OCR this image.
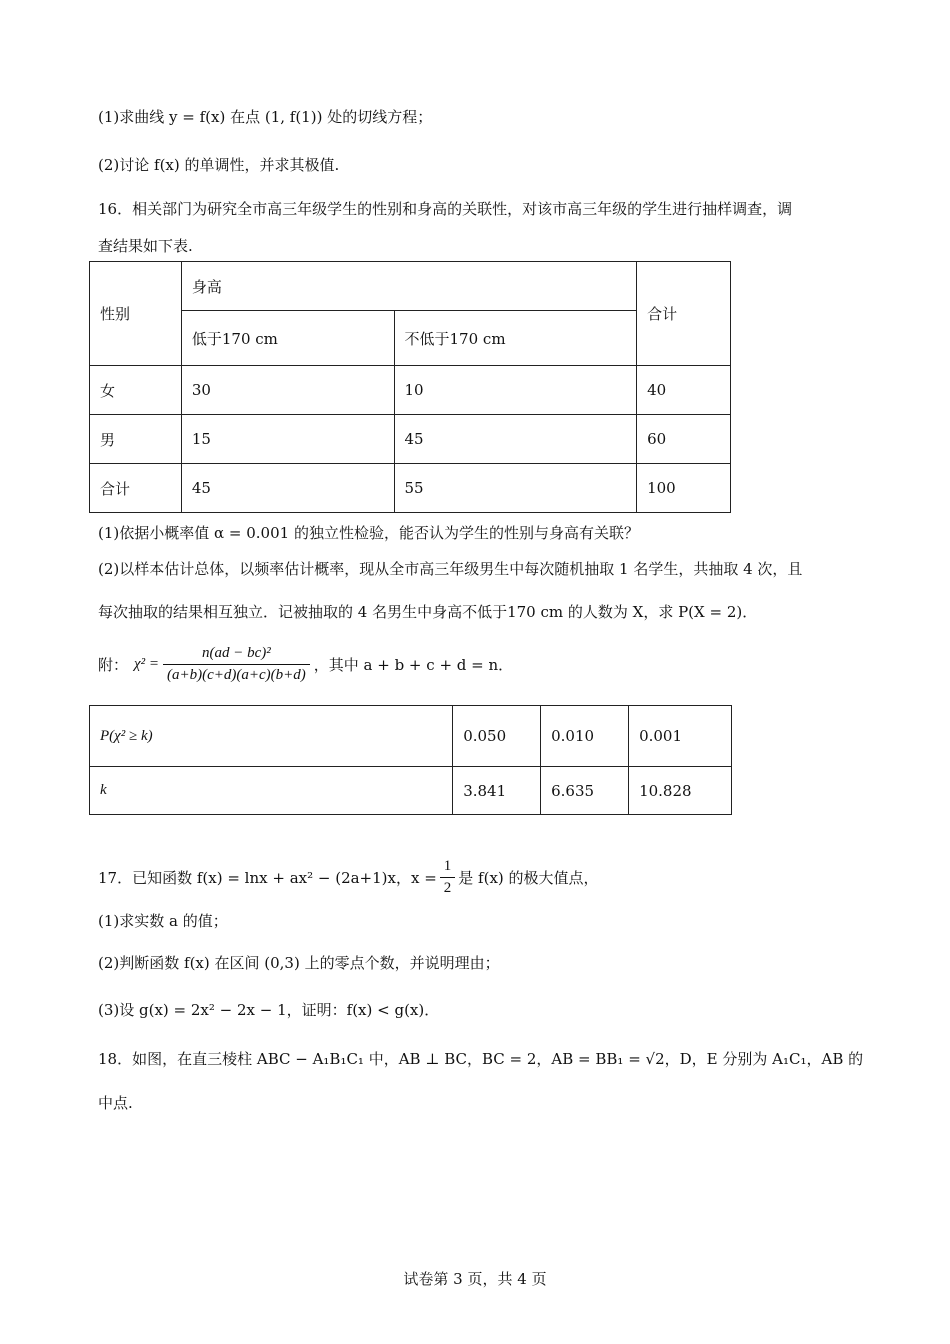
(1)求曲线 y = f(x) 在点 (1, f(1)) 处的切线方程；
(2)讨论 f(x) 的单调性，并求其极值.
16．相关部门为研究全市高三年级学生的性别和身高的关联性，对该市高三年级的学生进行抽样调查，调
查结果如下表.
性别	身高		合计
	低于170 cm	不低于170 cm	
女	30	10	40
男	15	45	60
合计	45	55	100
(1)依据小概率值 α = 0.001 的独立性检验，能否认为学生的性别与身高有关联？
(2)以样本估计总体，以频率估计概率，现从全市高三年级男生中每次随机抽取 1 名学生，共抽取 4 次，且
每次抽取的结果相互独立．记被抽取的 4 名男生中身高不低于170 cm 的人数为 X，求 P(X = 2)．
附： $\chi^2 = \frac{\text{n(ad − bc)²}}{(a+b)(c+d)(a+c)(b+d)}$ ，其中 a + b + c + d = n．
P(χ² ≥ k)	0.050	0.010	0.001
k	3.841	6.635	10.828
17．已知函数 f(x) = lnx + ax² − (2a+1)x，$x = \frac{1}{2}$ 是 f(x) 的极大值点，
(1)求实数 a 的值；
(2)判断函数 f(x) 在区间 (0,3) 上的零点个数，并说明理由；
(3)设 g(x) = 2x² − 2x − 1，证明：f(x) < g(x)．
18．如图，在直三棱柱 ABC − A₁B₁C₁ 中，AB ⊥ BC，BC = 2，AB = BB₁ = √2，D，E 分别为 A₁C₁，AB 的
中点.
试卷第 3 页，共 4 页
